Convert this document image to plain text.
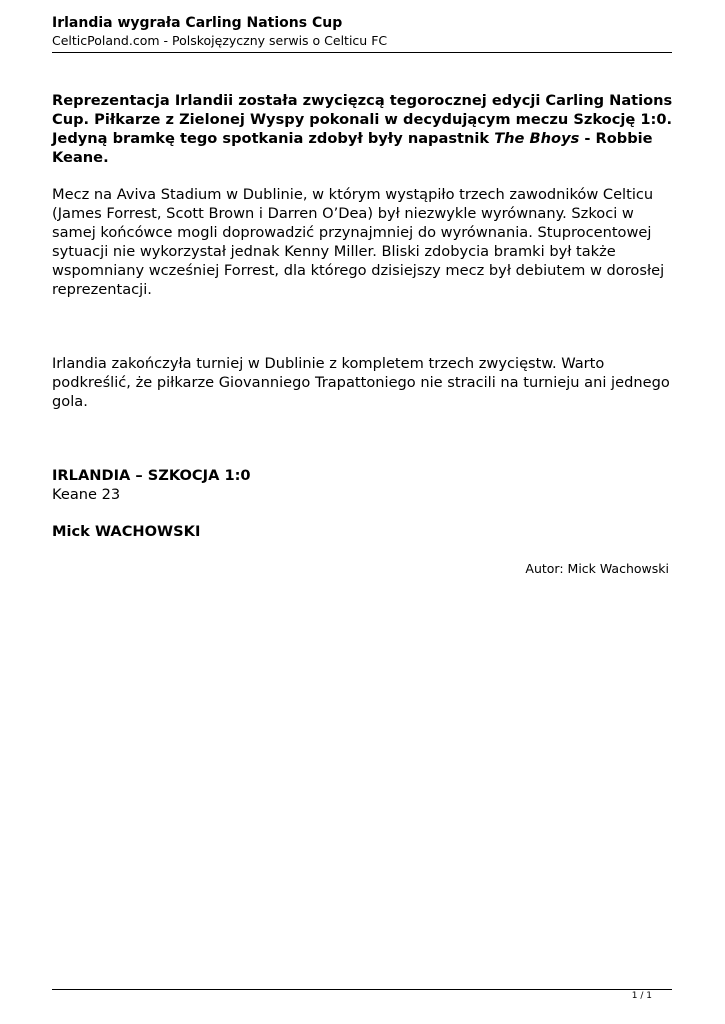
Irlandia wygrała Carling Nations Cup
CelticPoland.com - Polskojęzyczny serwis o Celticu FC

Reprezentacja Irlandii została zwycięzcą tegorocznej edycji Carling Nations Cup. Piłkarze z Zielonej Wyspy pokonali w decydującym meczu Szkocję 1:0. Jedyną bramkę tego spotkania zdobył były napastnik The Bhoys - Robbie Keane.

Mecz na Aviva Stadium w Dublinie, w którym wystąpiło trzech zawodników Celticu (James Forrest, Scott Brown i Darren O’Dea) był niezwykle wyrównany. Szkoci w samej końcówce mogli doprowadzić przynajmniej do wyrównania. Stuprocentowej sytuacji nie wykorzystał jednak Kenny Miller. Bliski zdobycia bramki był także wspomniany wcześniej Forrest, dla którego dzisiejszy mecz był debiutem w dorosłej reprezentacji.

Irlandia zakończyła turniej w Dublinie z kompletem trzech zwycięstw. Warto podkreślić, że piłkarze Giovanniego Trapattoniego nie stracili na turnieju ani jednego gola.

IRLANDIA – SZKOCJA 1:0
Keane 23
Mick WACHOWSKI
Autor: Mick Wachowski
1 / 1
